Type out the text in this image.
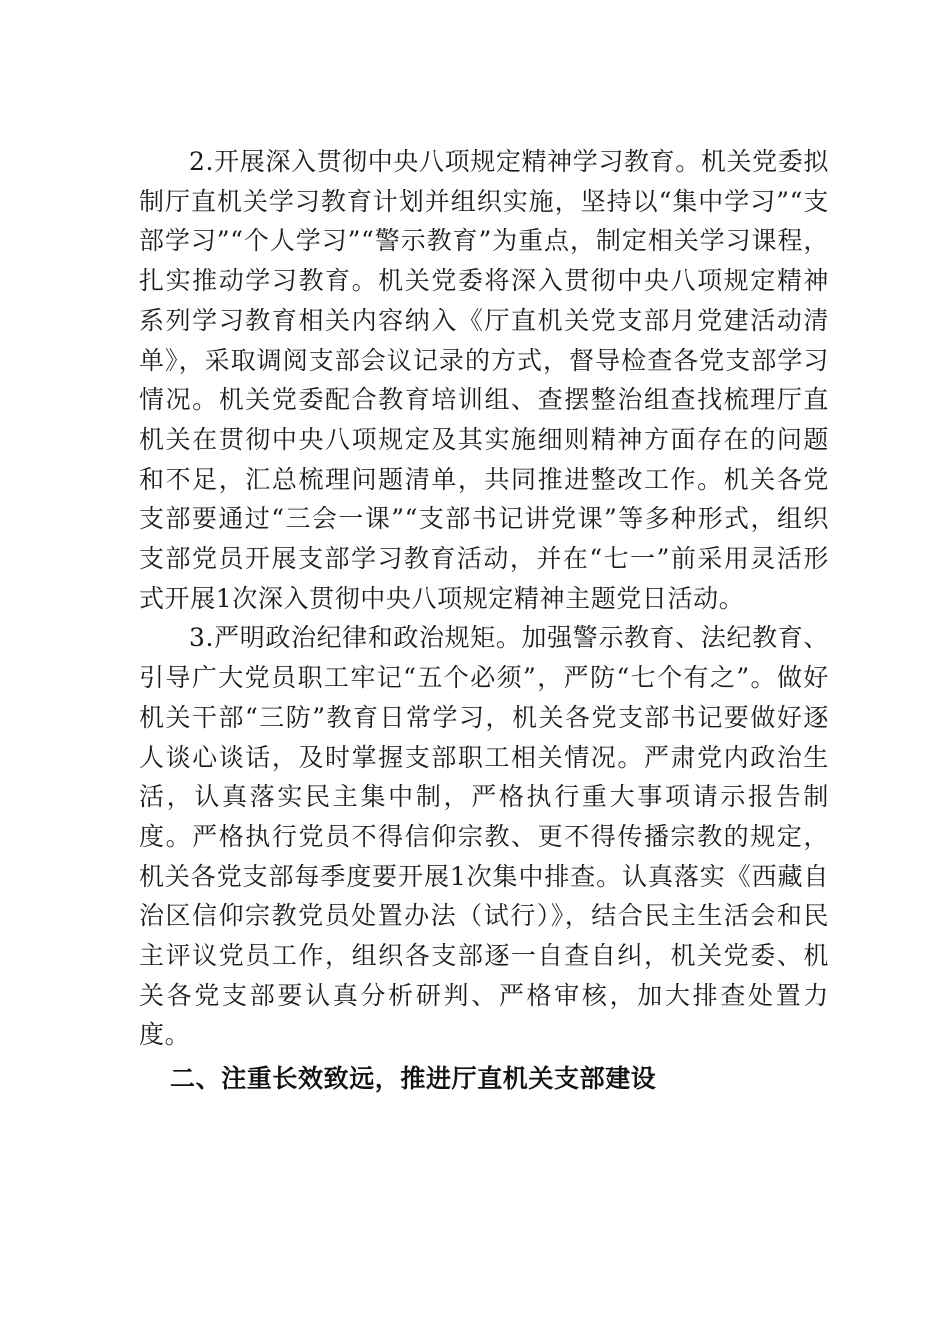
2.开展深入贯彻中央八项规定精神学习教育。机关党委拟制厅直机关学习教育计划并组织实施，坚持以“集中学习”“支部学习”“个人学习”“警示教育”为重点，制定相关学习课程，扎实推动学习教育。机关党委将深入贯彻中央八项规定精神系列学习教育相关内容纳入《厅直机关党支部月党建活动清单》，采取调阅支部会议记录的方式，督导检查各党支部学习情况。机关党委配合教育培训组、查摆整治组查找梳理厅直机关在贯彻中央八项规定及其实施细则精神方面存在的问题和不足，汇总梳理问题清单，共同推进整改工作。机关各党支部要通过“三会一课”“支部书记讲党课”等多种形式，组织支部党员开展支部学习教育活动，并在“七一”前采用灵活形式开展1次深入贯彻中央八项规定精神主题党日活动。

3.严明政治纪律和政治规矩。加强警示教育、法纪教育、引导广大党员职工牢记“五个必须”，严防“七个有之”。做好机关干部“三防”教育日常学习，机关各党支部书记要做好逐人谈心谈话，及时掌握支部职工相关情况。严肃党内政治生活，认真落实民主集中制，严格执行重大事项请示报告制度。严格执行党员不得信仰宗教、更不得传播宗教的规定，机关各党支部每季度要开展1次集中排查。认真落实《西藏自治区信仰宗教党员处置办法（试行）》，结合民主生活会和民主评议党员工作，组织各支部逐一自查自纠，机关党委、机关各党支部要认真分析研判、严格审核，加大排查处置力度。

二、注重长效致远，推进厅直机关支部建设
